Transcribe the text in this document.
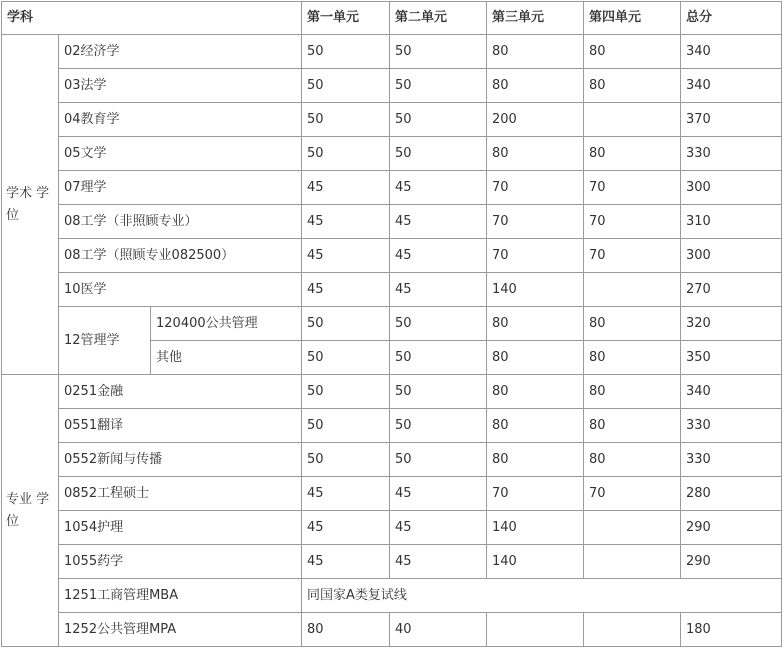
学科			第一单元	第二单元	第三单元	第四单元	总分
学术 学位	02经济学		50	50	80	80	340
	03法学		50	50	80	80	340
	04教育学		50	50	200		370
	05文学		50	50	80	80	330
	07理学		45	45	70	70	300
	08工学（非照顾专业）		45	45	70	70	310
	08工学（照顾专业082500）		45	45	70	70	300
	10医学		45	45	140		270
	12管理学	120400公共管理	50	50	80	80	320
		其他	50	50	80	80	350
专业 学位	0251金融		50	50	80	80	340
	0551翻译		50	50	80	80	330
	0552新闻与传播		50	50	80	80	330
	0852工程硕士		45	45	70	70	280
	1054护理		45	45	140		290
	1055药学		45	45	140		290
	1251工商管理MBA		同国家A类复试线				
	1252公共管理MPA		80	40			180
